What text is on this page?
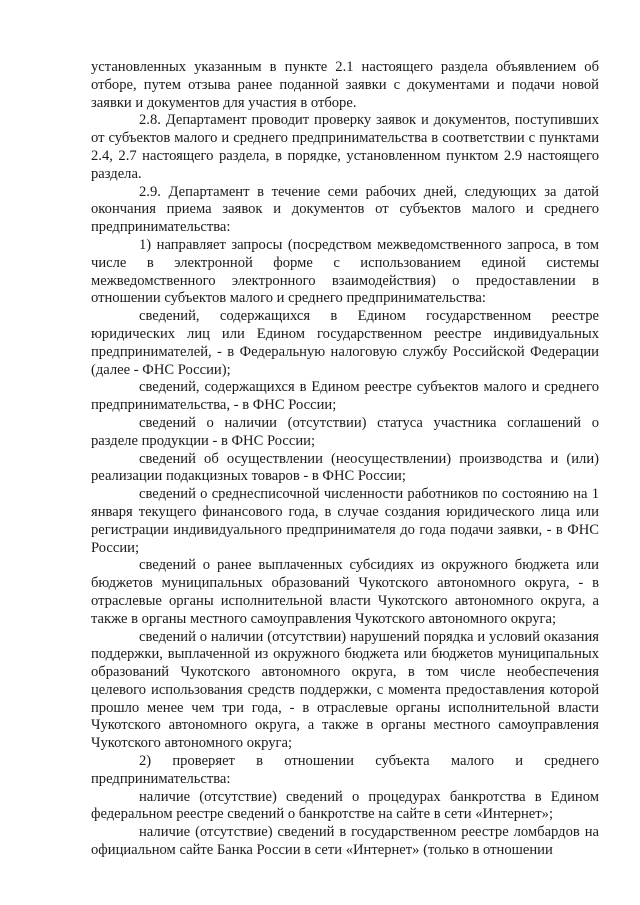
установленных указанным в пункте 2.1 настоящего раздела объявлением об отборе, путем отзыва ранее поданной заявки с документами и подачи новой заявки и документов для участия в отборе.

2.8. Департамент проводит проверку заявок и документов, поступивших от субъектов малого и среднего предпринимательства в соответствии с пунктами 2.4, 2.7 настоящего раздела, в порядке, установленном пунктом 2.9 настоящего раздела.

2.9. Департамент в течение семи рабочих дней, следующих за датой окончания приема заявок и документов от субъектов малого и среднего предпринимательства:

1) направляет запросы (посредством межведомственного запроса, в том числе в электронной форме с использованием единой системы межведомственного электронного взаимодействия) о предоставлении в отношении субъектов малого и среднего предпринимательства:

сведений, содержащихся в Едином государственном реестре юридических лиц или Едином государственном реестре индивидуальных предпринимателей, - в Федеральную налоговую службу Российской Федерации (далее - ФНС России);

сведений, содержащихся в Едином реестре субъектов малого и среднего предпринимательства, - в ФНС России;

сведений о наличии (отсутствии) статуса участника соглашений о разделе продукции - в ФНС России;

сведений об осуществлении (неосуществлении) производства и (или) реализации подакцизных товаров - в ФНС России;

сведений о среднесписочной численности работников по состоянию на 1 января текущего финансового года, в случае создания юридического лица или регистрации индивидуального предпринимателя до года подачи заявки, - в ФНС России;

сведений о ранее выплаченных субсидиях из окружного бюджета или бюджетов муниципальных образований Чукотского автономного округа, - в отраслевые органы исполнительной власти Чукотского автономного округа, а также в органы местного самоуправления Чукотского автономного округа;

сведений о наличии (отсутствии) нарушений порядка и условий оказания поддержки, выплаченной из окружного бюджета или бюджетов муниципальных образований Чукотского автономного округа, в том числе необеспечения целевого использования средств поддержки, с момента предоставления которой прошло менее чем три года, - в отраслевые органы исполнительной власти Чукотского автономного округа, а также в органы местного самоуправления Чукотского автономного округа;

2) проверяет в отношении субъекта малого и среднего предпринимательства:

наличие (отсутствие) сведений о процедурах банкротства в Едином федеральном реестре сведений о банкротстве на сайте в сети «Интернет»;

наличие (отсутствие) сведений в государственном реестре ломбардов на официальном сайте Банка России в сети «Интернет» (только в отношении
